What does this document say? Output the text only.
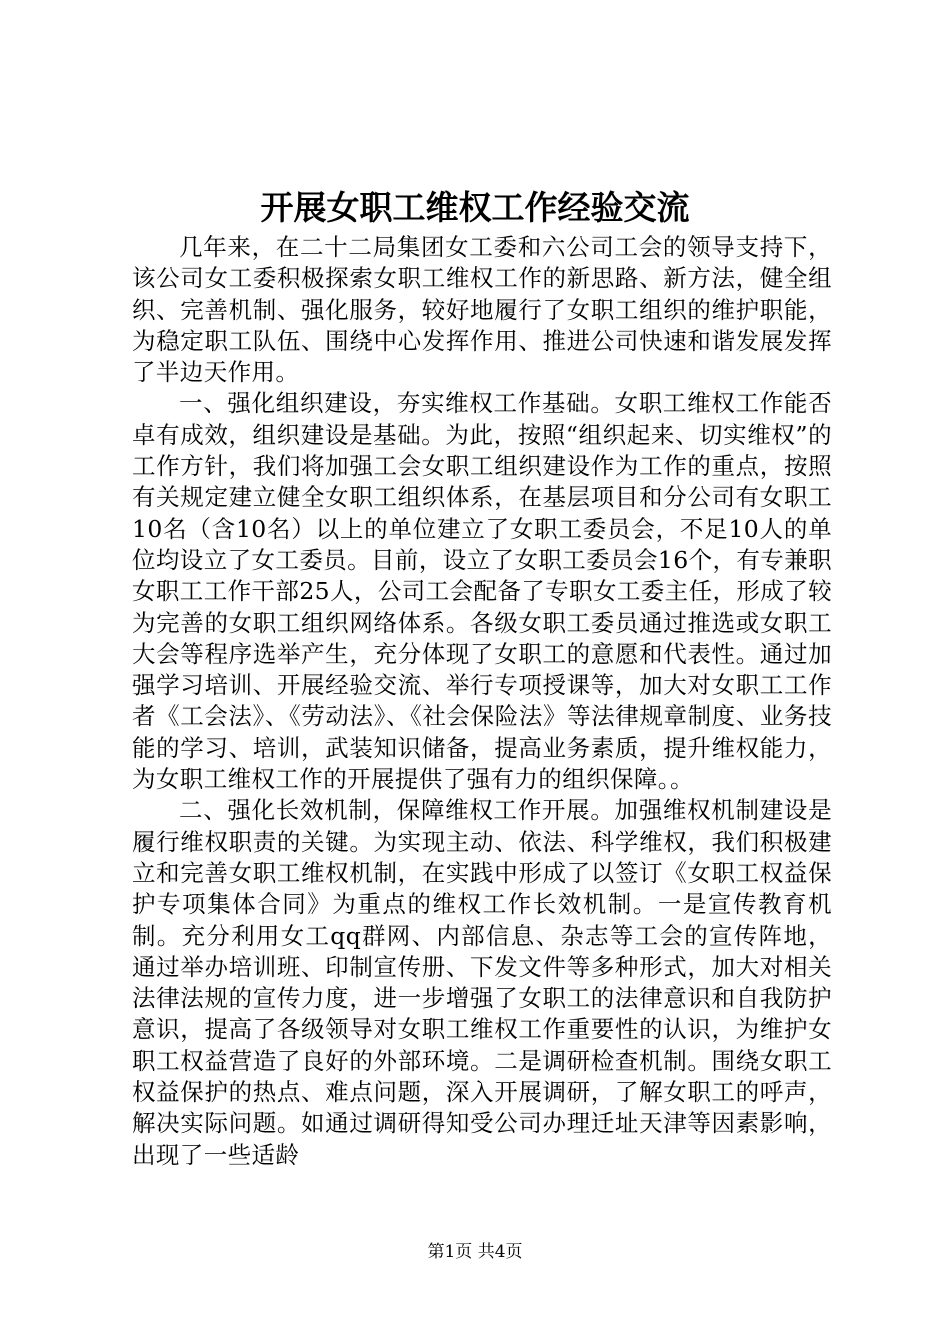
开展女职工维权工作经验交流

几年来，在二十二局集团女工委和六公司工会的领导支持下，该公司女工委积极探索女职工维权工作的新思路、新方法，健全组织、完善机制、强化服务，较好地履行了女职工组织的维护职能，为稳定职工队伍、围绕中心发挥作用、推进公司快速和谐发展发挥了半边天作用。

一、强化组织建设，夯实维权工作基础。女职工维权工作能否卓有成效，组织建设是基础。为此，按照“组织起来、切实维权”的工作方针，我们将加强工会女职工组织建设作为工作的重点，按照有关规定建立健全女职工组织体系，在基层项目和分公司有女职工10名（含10名）以上的单位建立了女职工委员会，不足10人的单位均设立了女工委员。目前，设立了女职工委员会16个，有专兼职女职工工作干部25人，公司工会配备了专职女工委主任，形成了较为完善的女职工组织网络体系。各级女职工委员通过推选或女职工大会等程序选举产生，充分体现了女职工的意愿和代表性。通过加强学习培训、开展经验交流、举行专项授课等，加大对女职工工作者《工会法》、《劳动法》、《社会保险法》等法律规章制度、业务技能的学习、培训，武装知识储备，提高业务素质，提升维权能力，为女职工维权工作的开展提供了强有力的组织保障。。

二、强化长效机制，保障维权工作开展。加强维权机制建设是履行维权职责的关键。为实现主动、依法、科学维权，我们积极建立和完善女职工维权机制，在实践中形成了以签订《女职工权益保护专项集体合同》为重点的维权工作长效机制。一是宣传教育机制。充分利用女工qq群网、内部信息、杂志等工会的宣传阵地，通过举办培训班、印制宣传册、下发文件等多种形式，加大对相关法律法规的宣传力度，进一步增强了女职工的法律意识和自我防护意识，提高了各级领导对女职工维权工作重要性的认识，为维护女职工权益营造了良好的外部环境。二是调研检查机制。围绕女职工权益保护的热点、难点问题，深入开展调研，了解女职工的呼声，解决实际问题。如通过调研得知受公司办理迁址天津等因素影响，出现了一些适龄

第1页 共4页
